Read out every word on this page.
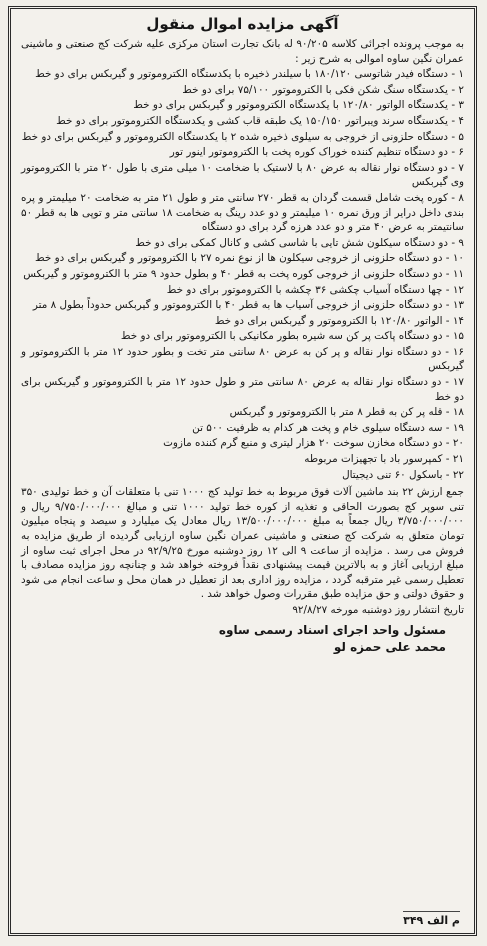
آگهی مزایده اموال منقول

به موجب پرونده اجرائی کلاسه ۹۰/۲۰۵ له بانک تجارت استان مرکزی علیه شرکت کج صنعتی و ماشینی عمران نگین ساوه اموالی به شرح زیر :

۱ - دستگاه فیدر شاتوسی ۱۸۰/۱۲۰ با سیلندر ذخیره با یکدستگاه الکتروموتور و گیربکس برای دو خط

۲ - یکدستگاه سنگ شکن فکی با الکتروموتور ۷۵/۱۰۰ برای دو خط

۳ - یکدستگاه الواتور ۱۲۰/۸۰ با یکدستگاه الکتروموتور و گیربکس برای دو خط

۴ - یکدستگاه سرند ویبراتور ۱۵۰/۱۵۰ یک طبقه قاب کشی و یکدستگاه الکتروموتور برای دو خط

۵ - دستگاه حلزونی از خروجی به سیلوی ذخیره شده ۲ با یکدستگاه الکتروموتور و گیربکس برای دو خط

۶ - دو دستگاه تنظیم کننده خوراک کوره پخت با الکتروموتور اینور تور

۷ - دو دستگاه نوار نقاله به عرض ۸۰ با لاستیک با ضخامت ۱۰ میلی متری با طول ۲۰ متر با الکتروموتور وی گیربکس

۸ - کوره پخت شامل قسمت گردان به قطر ۲۷۰ سانتی متر و طول ۲۱ متر به ضخامت ۲۰ میلیمتر و پره بندی داخل درایر از ورق نمره ۱۰ میلیمتر و دو عدد رینگ به ضخامت ۱۸ سانتی متر و توپی ها به قطر ۵۰ سانتیمتر به عرض ۴۰ متر و دو عدد هرزه گرد برای دو دستگاه

۹ - دو دستگاه سیکلون شش تایی با شاسی کشی و کانال کمکی برای دو خط

۱۰ - دو دستگاه حلزونی از خروجی سیکلون ها از نوع نمره ۲۷ با الکتروموتور و گیربکس برای دو خط

۱۱ - دو دستگاه حلزونی از خروجی کوره پخت به قطر ۴۰ و بطول حدود ۹ متر با الکتروموتور و گیربکس

۱۲ - چها دستگاه آسیاب چکشی ۳۶ چکشه با الکتروموتور برای دو خط

۱۳ - دو دستگاه حلزونی از خروجی آسیاب ها به قطر ۴۰ با الکتروموتور و گیربکس حدوداً بطول ۸ متر

۱۴ - الواتور ۱۲۰/۸۰ با الکتروموتور و گیربکس برای دو خط

۱۵ - دو دستگاه پاکت پر کن سه شیره بطور مکانیکی با الکتروموتور برای دو خط

۱۶ - دو دستگاه نوار نقاله و پر کن به عرض ۸۰ سانتی متر تخت و بطور حدود ۱۲ متر با الکتروموتور و گیربکس

۱۷ - دو دستگاه نوار نقاله به عرض ۸۰ سانتی متر و طول حدود ۱۲ متر با الکتروموتور و گیربکس برای دو خط

۱۸ - قله پر کن به قطر ۸ متر با الکتروموتور و گیربکس

۱۹ - سه دستگاه سیلوی خام و پخت هر کدام به ظرفیت ۵۰۰ تن

۲۰ - دو دستگاه مخازن سوخت ۲۰ هزار لیتری و منبع گرم کننده مازوت

۲۱ - کمپرسور باد با تجهیزات مربوطه

۲۲ - باسکول ۶۰ تنی دیجیتال

جمع ارزش ۲۲ بند ماشین آلات فوق مربوط به خط تولید کج ۱۰۰۰ تنی با متعلقات آن و خط تولیدی ۳۵۰ تنی سوپر کج بصورت الحاقی و تغذیه از کوره خط تولید ۱۰۰۰ تنی و مبالغ ۹/۷۵۰/۰۰۰/۰۰۰ ریال و ۳/۷۵۰/۰۰۰/۰۰۰ ریال جمعاً به مبلغ ۱۳/۵۰۰/۰۰۰/۰۰۰ ریال معادل یک میلیارد و سیصد و پنجاه میلیون تومان متعلق به شرکت کج صنعتی و ماشینی عمران نگین ساوه ارزیابی گردیده از طریق مزایده به فروش می رسد . مزایده از ساعت ۹ الی ۱۲ روز دوشنبه مورخ ۹۲/۹/۲۵ در محل اجرای ثبت ساوه از مبلغ ارزیابی آغاز و به بالاترین قیمت پیشنهادی نقداً فروخته خواهد شد و چنانچه روز مزایده مصادف با تعطیل رسمی غیر مترقبه گردد ، مزایده روز اداری بعد از تعطیل در همان محل و ساعت انجام می شود و حقوق دولتی و حق مزایده طبق مقررات وصول خواهد شد .

تاریخ انتشار روز دوشنبه مورخه ۹۲/۸/۲۷
مسئول واحد اجرای اسناد رسمی ساوه
محمد علی حمزه لو
م الف ۳۴۹
